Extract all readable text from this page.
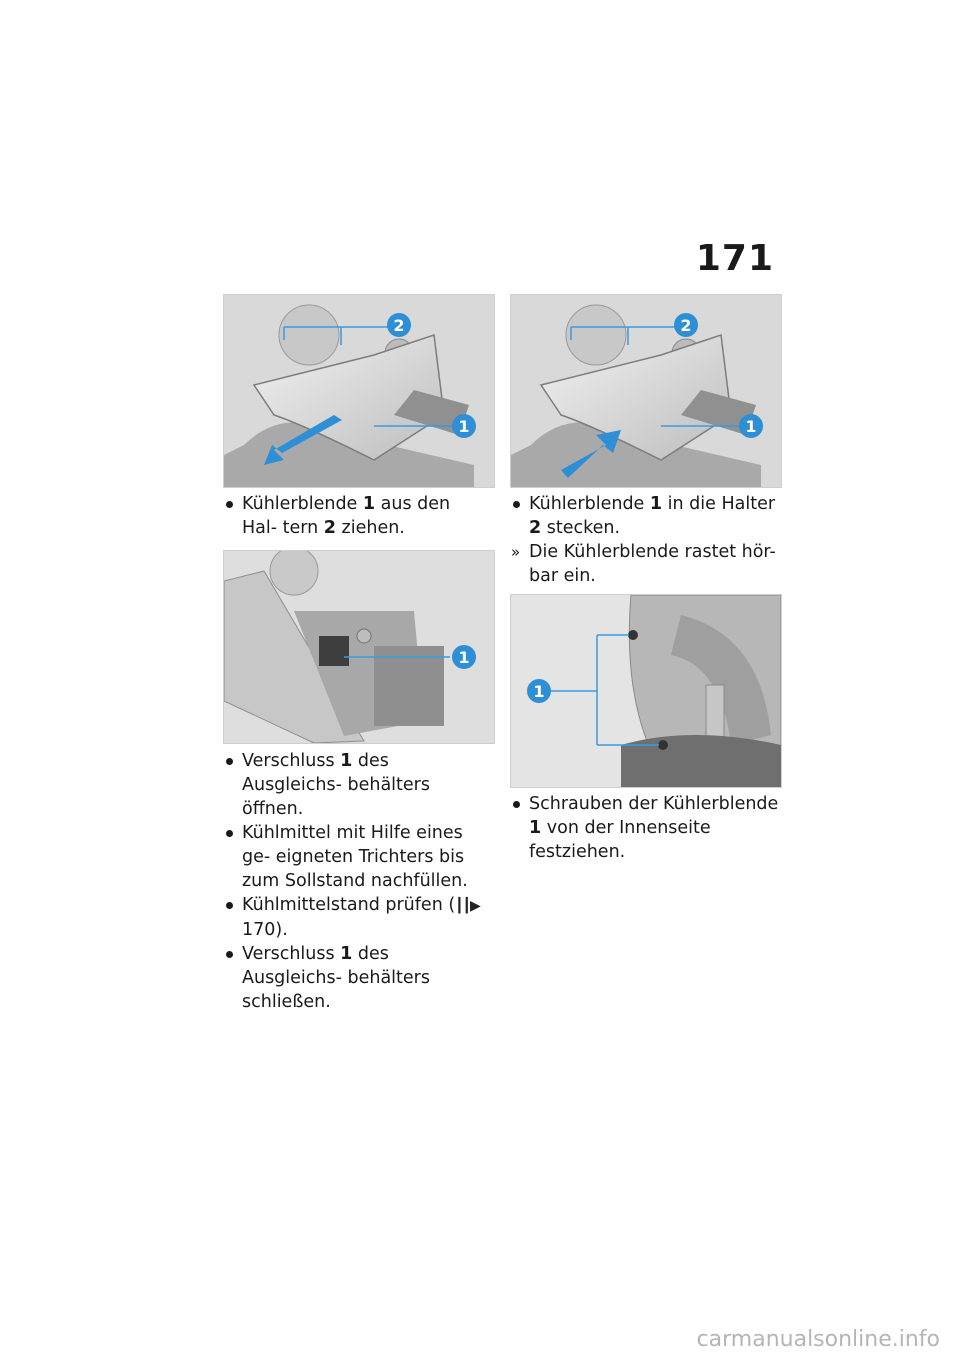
171
2
1
1
2
1
1

Kühlerblende 1 aus den Hal- tern 2 ziehen.

Verschluss 1 des Ausgleichs- behälters öffnen.

Kühlmittel mit Hilfe eines ge- eigneten Trichters bis zum Sollstand nachfüllen.

Kühlmittelstand prüfen (┃┃▶ 170).

Verschluss 1 des Ausgleichs- behälters schließen.

Kühlerblende 1 in die Halter 2 stecken.

» Die Kühlerblende rastet hör- bar ein.

Schrauben der Kühlerblende 1 von der Innenseite festziehen.

carmanualsonline.info
